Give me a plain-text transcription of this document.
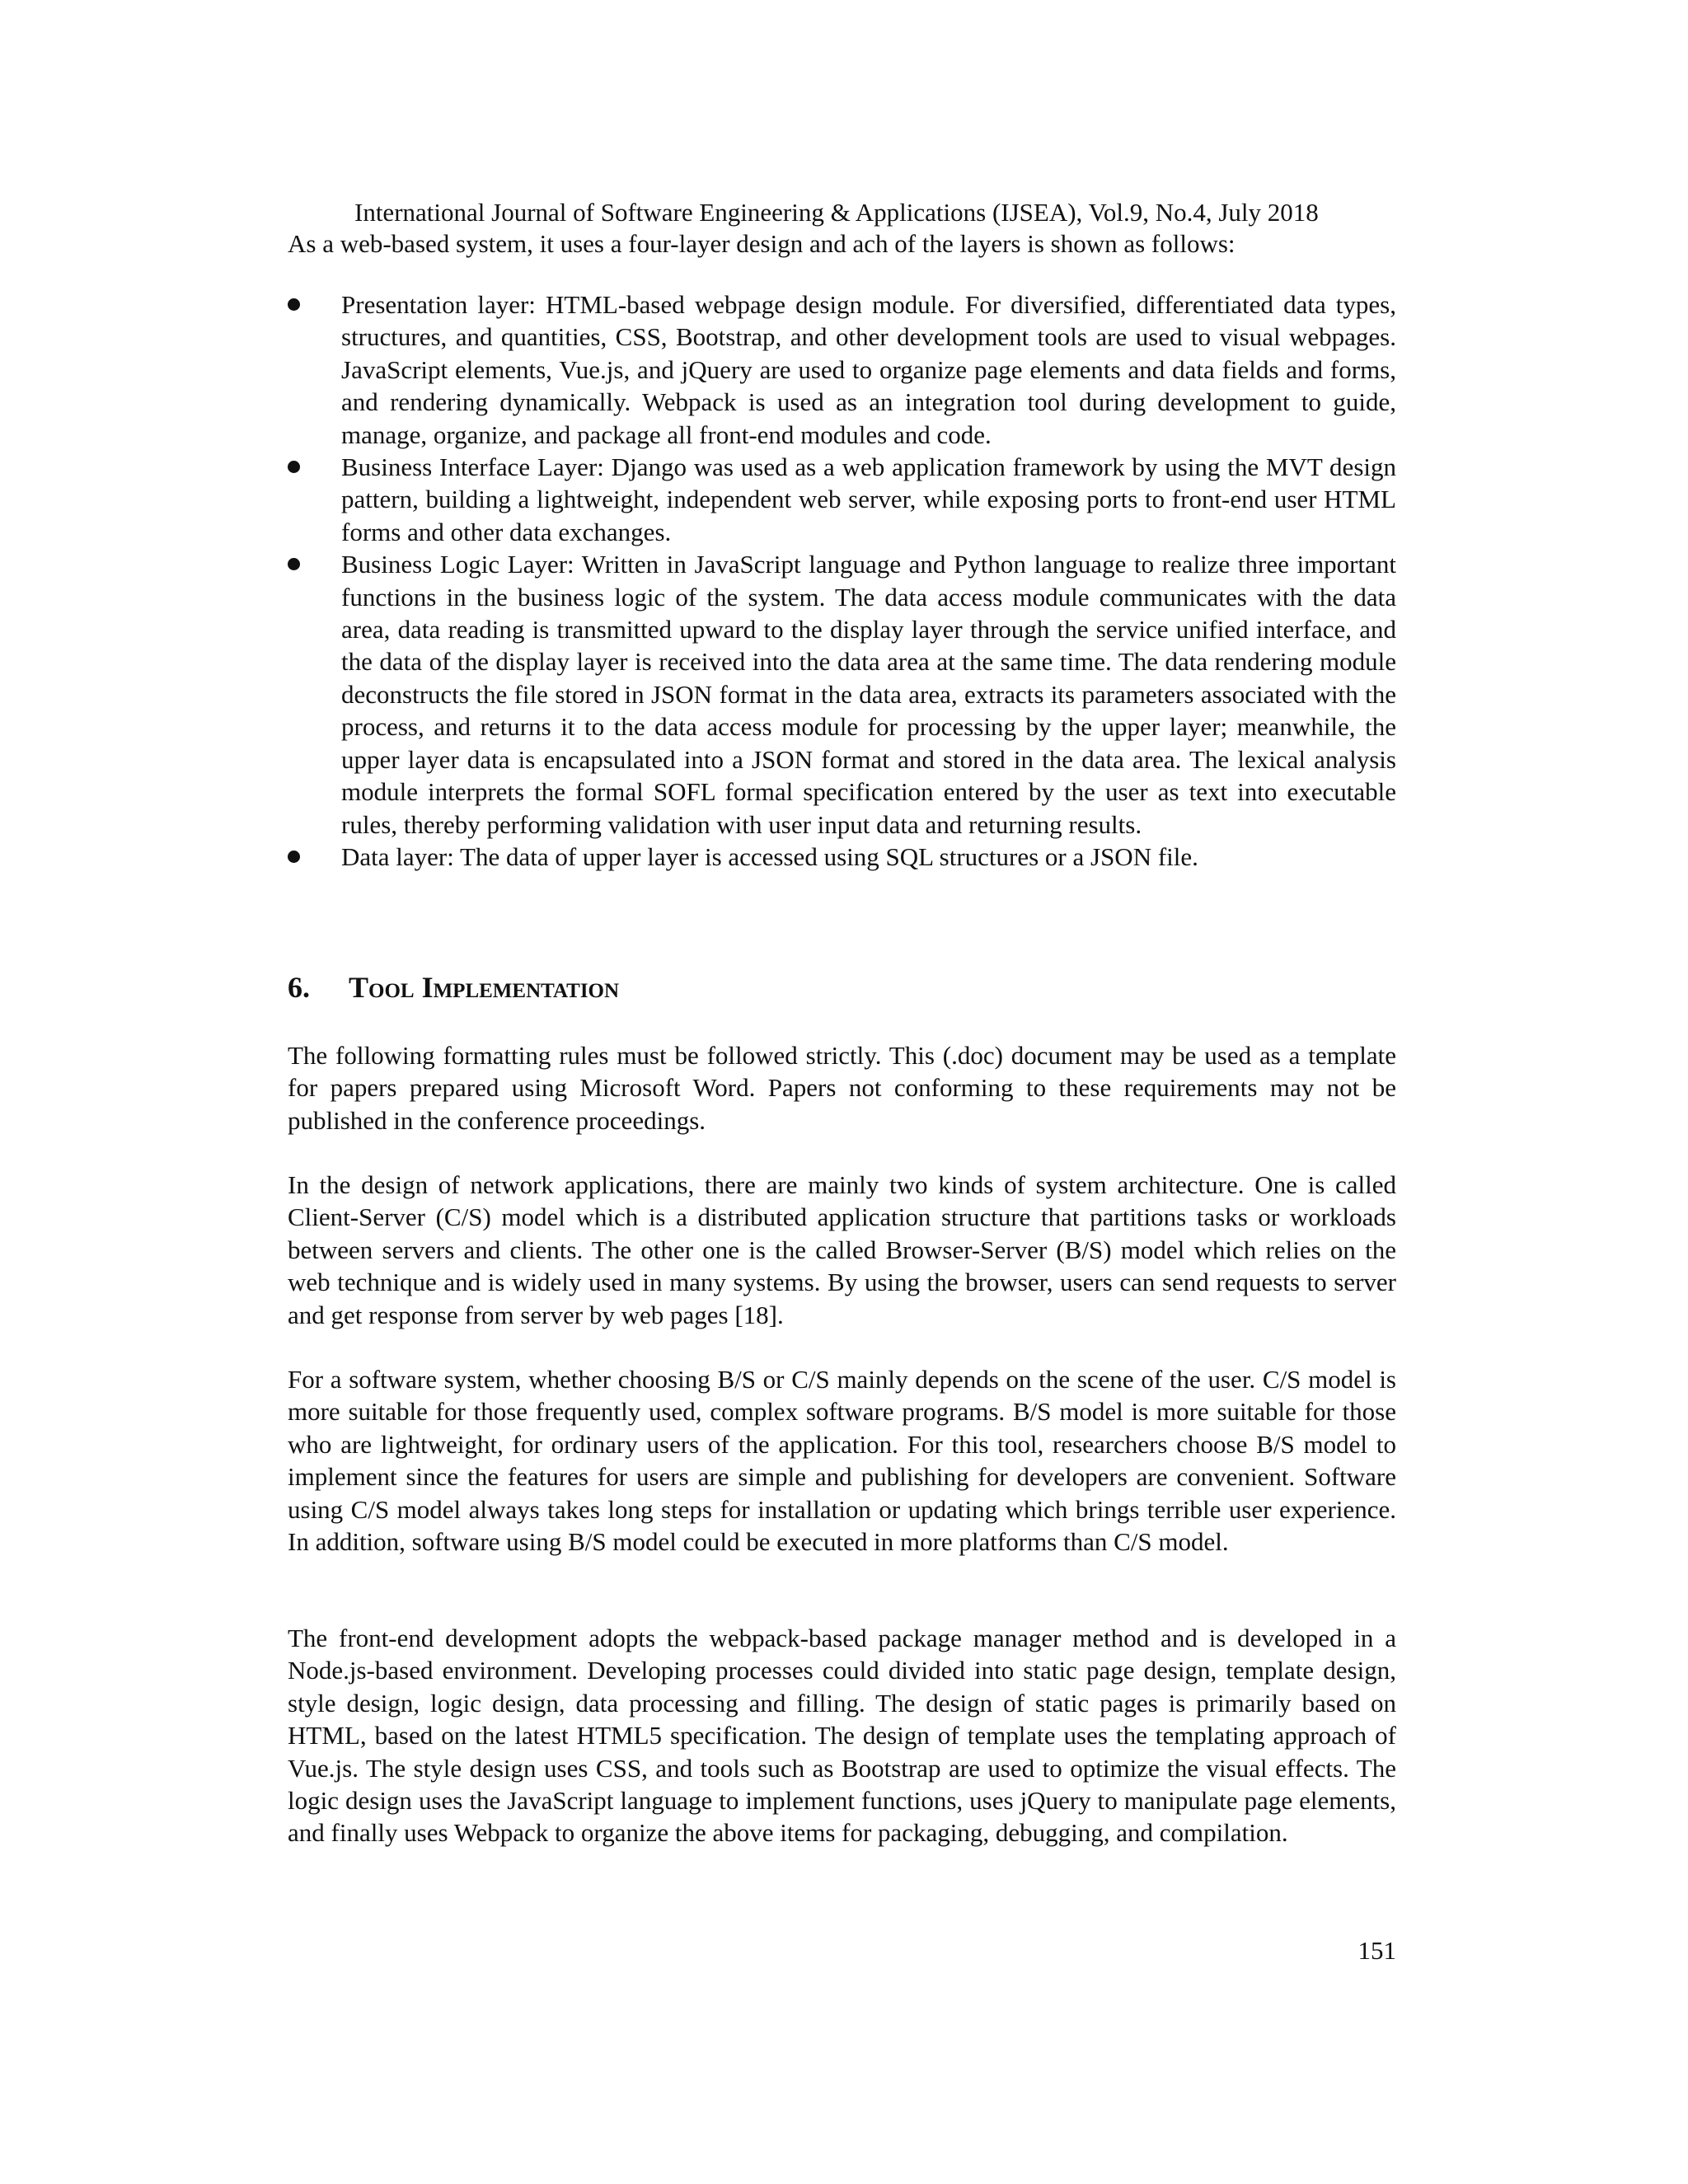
International Journal of Software Engineering & Applications (IJSEA), Vol.9, No.4, July 2018
As a web-based system, it uses a four-layer design and ach of the layers is shown as follows:
Presentation layer: HTML-based webpage design module. For diversified, differentiated data types, structures, and quantities, CSS, Bootstrap, and other development tools are used to visual webpages. JavaScript elements, Vue.js, and jQuery are used to organize page elements and data fields and forms, and rendering dynamically. Webpack is used as an integration tool during development to guide, manage, organize, and package all front-end modules and code.
Business Interface Layer: Django was used as a web application framework by using the MVT design pattern, building a lightweight, independent web server, while exposing ports to front-end user HTML forms and other data exchanges.
Business Logic Layer: Written in JavaScript language and Python language to realize three important functions in the business logic of the system. The data access module communicates with the data area, data reading is transmitted upward to the display layer through the service unified interface, and the data of the display layer is received into the data area at the same time. The data rendering module deconstructs the file stored in JSON format in the data area, extracts its parameters associated with the process, and returns it to the data access module for processing by the upper layer; meanwhile, the upper layer data is encapsulated into a JSON format and stored in the data area. The lexical analysis module interprets the formal SOFL formal specification entered by the user as text into executable rules, thereby performing validation with user input data and returning results.
Data layer: The data of upper layer is accessed using SQL structures or a JSON file.
6. Tool Implementation
The following formatting rules must be followed strictly. This (.doc) document may be used as a template for papers prepared using Microsoft Word. Papers not conforming to these requirements may not be published in the conference proceedings.
In the design of network applications, there are mainly two kinds of system architecture. One is called Client-Server (C/S) model which is a distributed application structure that partitions tasks or workloads between servers and clients. The other one is the called Browser-Server (B/S) model which relies on the web technique and is widely used in many systems. By using the browser, users can send requests to server and get response from server by web pages [18].
For a software system, whether choosing B/S or C/S mainly depends on the scene of the user. C/S model is more suitable for those frequently used, complex software programs. B/S model is more suitable for those who are lightweight, for ordinary users of the application. For this tool, researchers choose B/S model to implement since the features for users are simple and publishing for developers are convenient. Software using C/S model always takes long steps for installation or updating which brings terrible user experience. In addition, software using B/S model could be executed in more platforms than C/S model.
The front-end development adopts the webpack-based package manager method and is developed in a Node.js-based environment. Developing processes could divided into static page design, template design, style design, logic design, data processing and filling. The design of static pages is primarily based on HTML, based on the latest HTML5 specification. The design of template uses the templating approach of Vue.js. The style design uses CSS, and tools such as Bootstrap are used to optimize the visual effects. The logic design uses the JavaScript language to implement functions, uses jQuery to manipulate page elements, and finally uses Webpack to organize the above items for packaging, debugging, and compilation.
151
